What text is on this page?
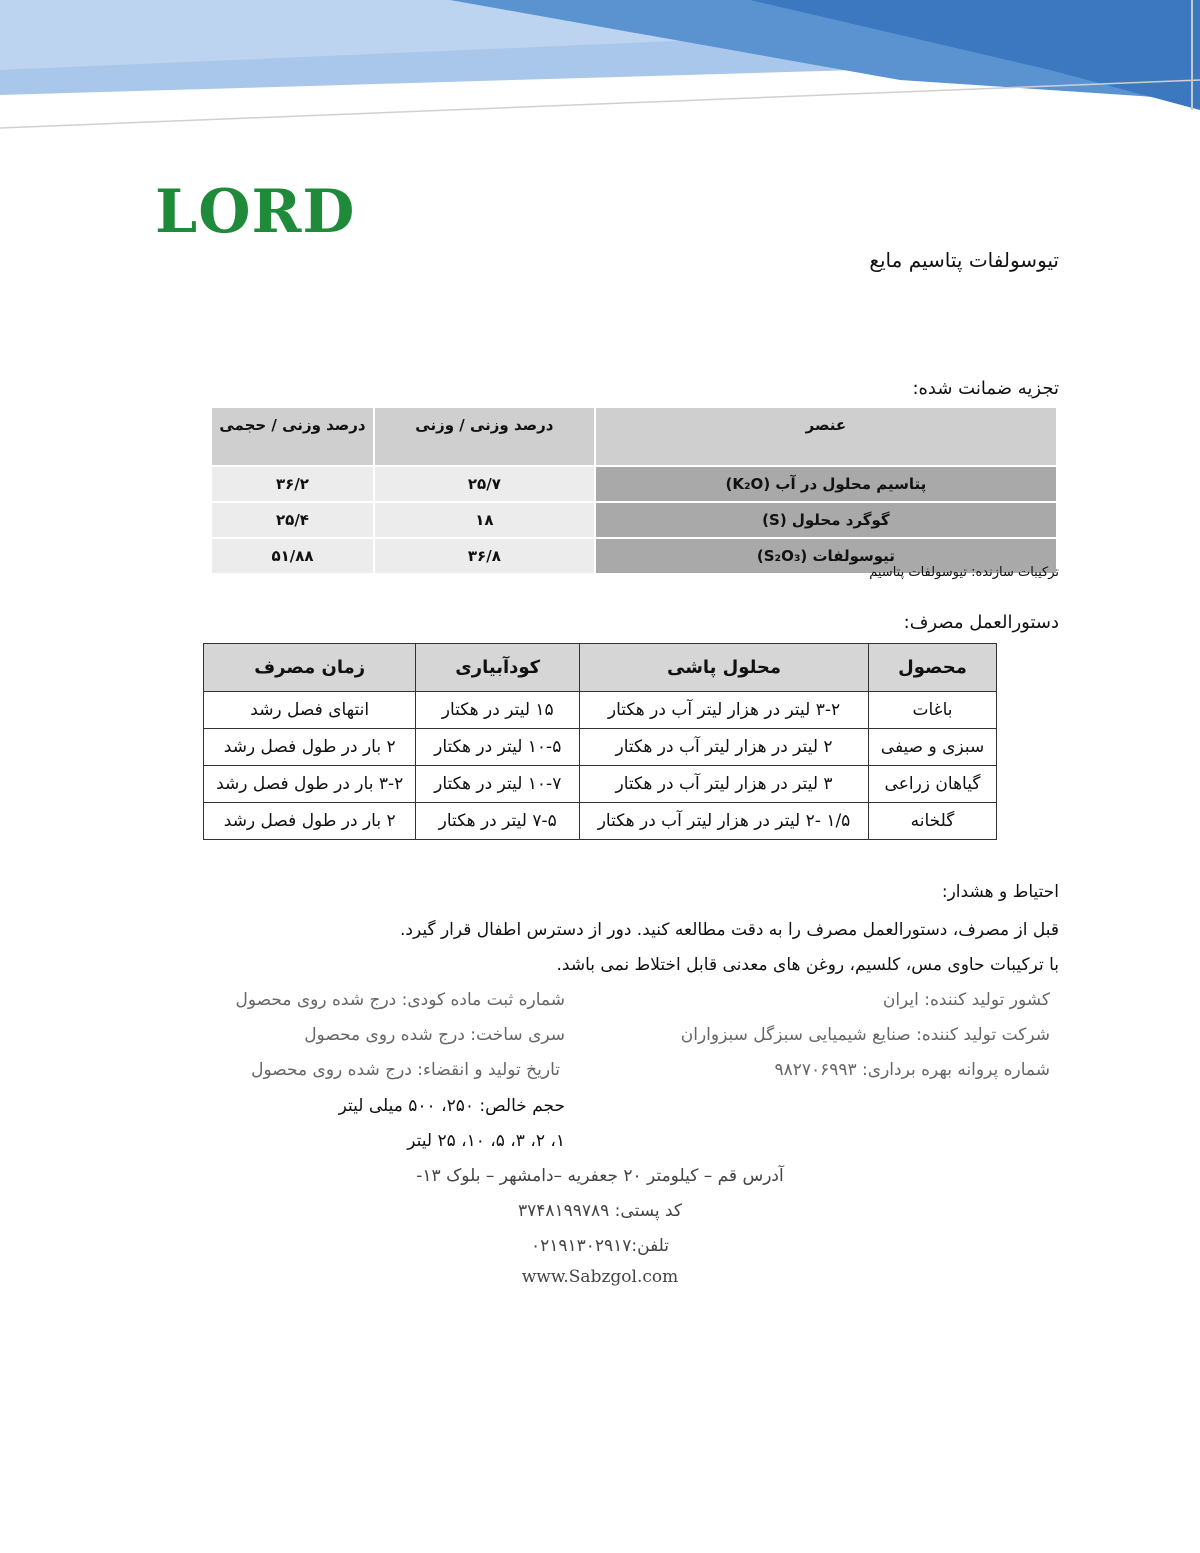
LORD
تیوسولفات پتاسیم مایع
تجزیه ضمانت شده:
عنصر	درصد وزنی / وزنی	درصد وزنی / حجمی
پتاسیم محلول در آب (K₂O)	۲۵/۷	۳۶/۲
گوگرد محلول (S)	۱۸	۲۵/۴
تیوسولفات (S₂O₃)	۳۶/۸	۵۱/۸۸
ترکیبات سازنده: تیوسولفات پتاسیم
دستورالعمل مصرف:
محصول	محلول پاشی	کودآبیاری	زمان مصرف
باغات	۳-۲ لیتر در هزار لیتر آب در هکتار	۱۵ لیتر در هکتار	انتهای فصل رشد
سبزی و صیفی	۲ لیتر در هزار لیتر آب در هکتار	۱۰-۵ لیتر در هکتار	۲ بار در طول فصل رشد
گیاهان زراعی	۳ لیتر در هزار لیتر آب در هکتار	۱۰-۷ لیتر در هکتار	۳-۲ بار در طول فصل رشد
گلخانه	۱/۵ -۲ لیتر در هزار لیتر آب در هکتار	۷-۵ لیتر در هکتار	۲ بار در طول فصل رشد
احتیاط و هشدار:
قبل از مصرف، دستورالعمل مصرف را به دقت مطالعه کنید. دور از دسترس اطفال قرار گیرد.
با ترکیبات حاوی مس، کلسیم، روغن های معدنی قابل اختلاط نمی باشد.
کشور تولید کننده: ایران
شرکت تولید کننده: صنایع شیمیایی سبزگل سبزواران
شماره پروانه بهره برداری: ۹۸۲۷۰۶۹۹۳
شماره ثبت ماده کودی: درج شده روی محصول
سری ساخت: درج شده روی محصول
تاریخ تولید و انقضاء: درج شده روی محصول
حجم خالص: ۲۵۰، ۵۰۰ میلی لیتر
۱، ۲، ۳، ۵، ۱۰، ۲۵ لیتر
آدرس قم – کیلومتر ۲۰ جعفریه –دامشهر – بلوک ۱۳-
کد پستی: ۳۷۴۸۱۹۹۷۸۹
تلفن:۰۲۱۹۱۳۰۲۹۱۷
www.Sabzgol.com
